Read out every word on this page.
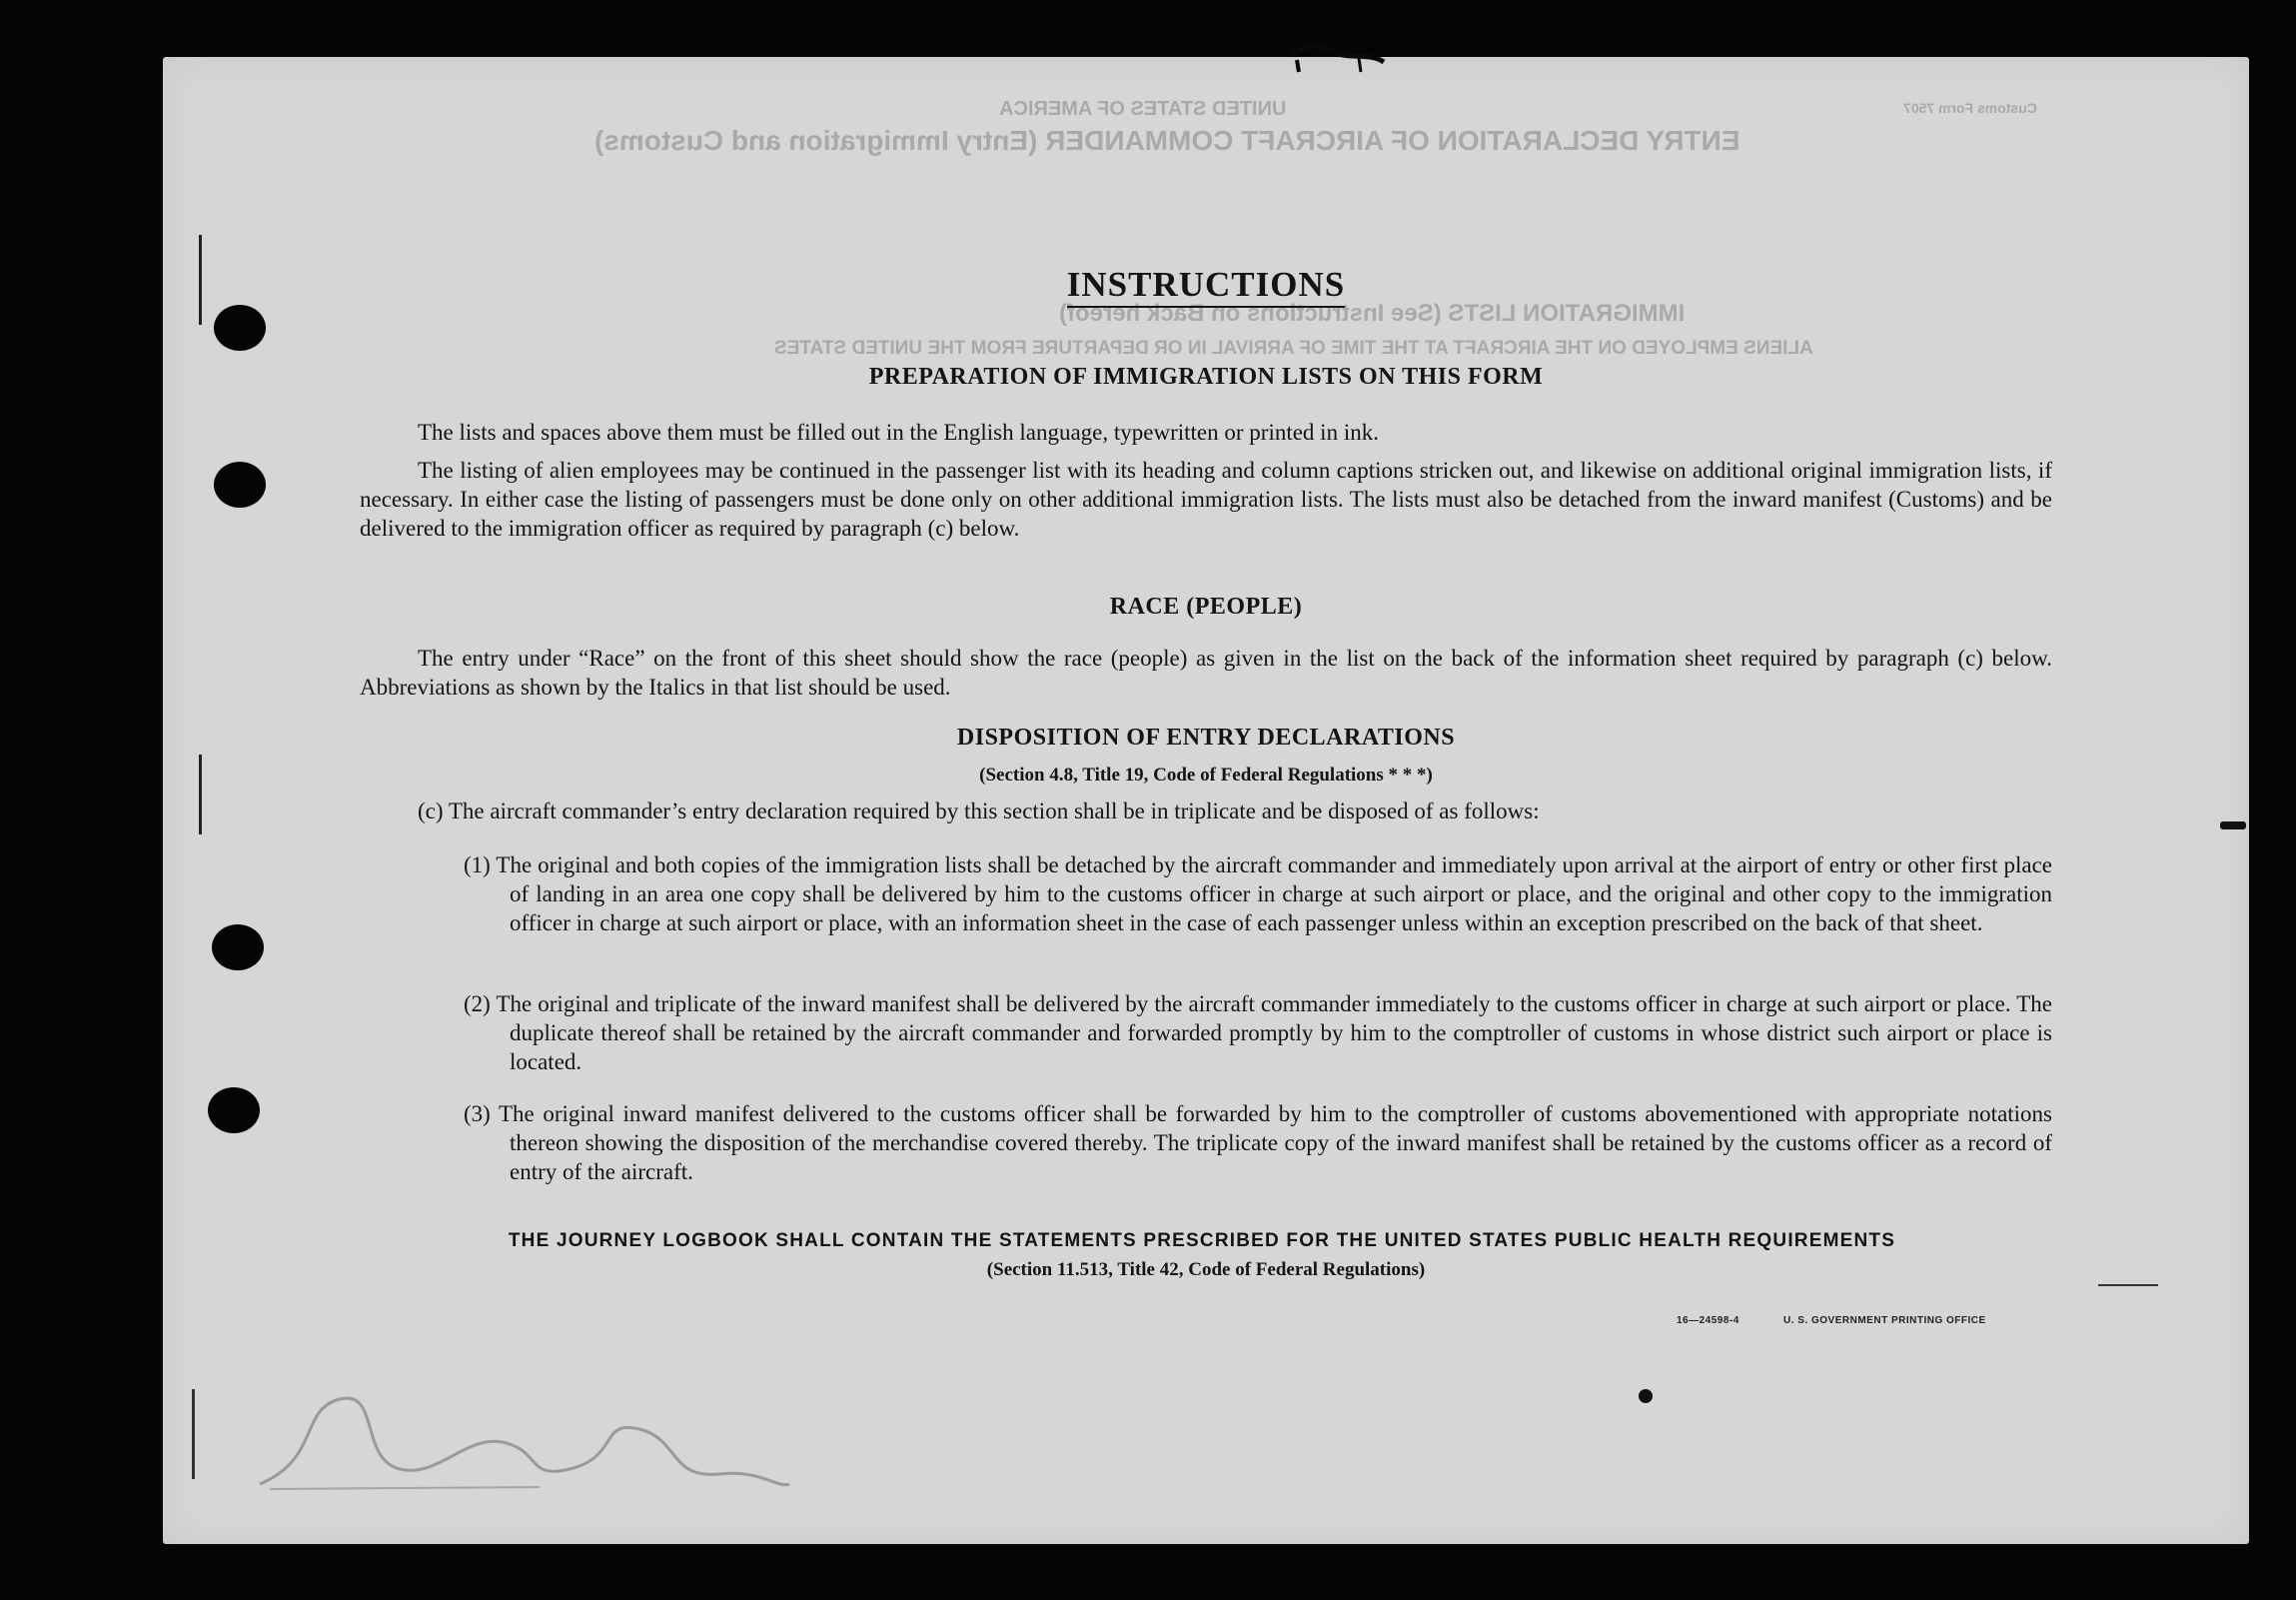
UNITED STATES OF AMERICA
ENTRY DECLARATION OF AIRCRAFT COMMANDER (Entry Immigration and Customs)
IMMIGRATION LISTS (See Instructions on Back hereof)
ALIENS EMPLOYED ON THE AIRCRAFT AT THE TIME OF ARRIVAL IN OR DEPARTURE FROM THE UNITED STATES
Customs Form 7507
INSTRUCTIONS
PREPARATION OF IMMIGRATION LISTS ON THIS FORM
The lists and spaces above them must be filled out in the English language, typewritten or printed in ink.
The listing of alien employees may be continued in the passenger list with its heading and column captions stricken out, and likewise on additional original immigration lists, if necessary. In either case the listing of passengers must be done only on other additional immigration lists. The lists must also be detached from the inward manifest (Customs) and be delivered to the immigration officer as required by paragraph (c) below.
RACE (PEOPLE)
The entry under “Race” on the front of this sheet should show the race (people) as given in the list on the back of the information sheet required by paragraph (c) below. Abbreviations as shown by the Italics in that list should be used.
DISPOSITION OF ENTRY DECLARATIONS
(Section 4.8, Title 19, Code of Federal Regulations * * *)
(c) The aircraft commander’s entry declaration required by this section shall be in triplicate and be disposed of as follows:
(1) The original and both copies of the immigration lists shall be detached by the aircraft commander and immediately upon arrival at the airport of entry or other first place of landing in an area one copy shall be delivered by him to the customs officer in charge at such airport or place, and the original and other copy to the immigration officer in charge at such airport or place, with an information sheet in the case of each passenger unless within an exception prescribed on the back of that sheet.
(2) The original and triplicate of the inward manifest shall be delivered by the aircraft commander immediately to the customs officer in charge at such airport or place. The duplicate thereof shall be retained by the aircraft commander and forwarded promptly by him to the comptroller of customs in whose district such airport or place is located.
(3) The original inward manifest delivered to the customs officer shall be forwarded by him to the comptroller of customs abovementioned with appropriate notations thereon showing the disposition of the merchandise covered thereby. The triplicate copy of the inward manifest shall be retained by the customs officer as a record of entry of the aircraft.
THE JOURNEY LOGBOOK SHALL CONTAIN THE STATEMENTS PRESCRIBED FOR THE UNITED STATES PUBLIC HEALTH REQUIREMENTS
(Section 11.513, Title 42, Code of Federal Regulations)
16—24598-4	U. S. GOVERNMENT PRINTING OFFICE
